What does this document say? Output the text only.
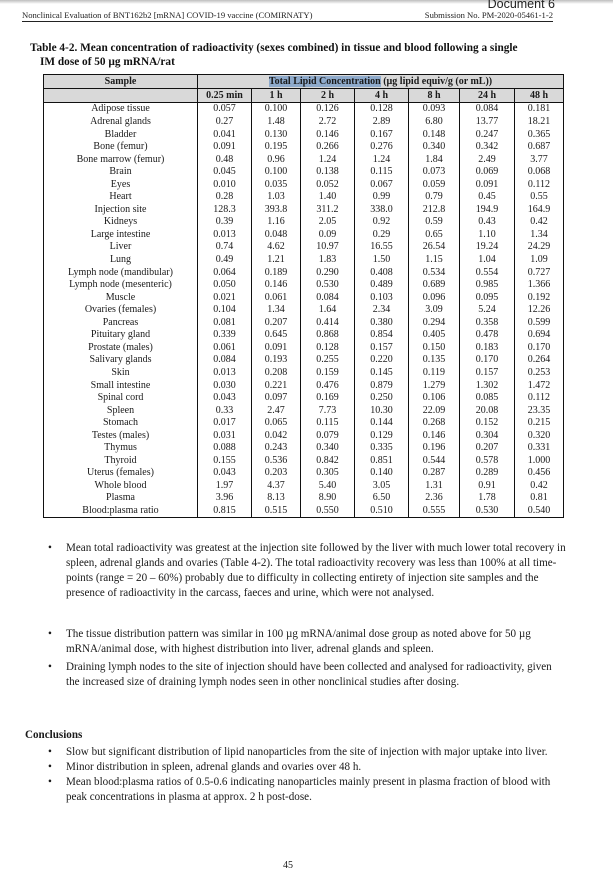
Document 6
Nonclinical Evaluation of BNT162b2 [mRNA] COVID-19 vaccine (COMIRNATY)	Submission No. PM-2020-05461-1-2
Table 4-2. Mean concentration of radioactivity (sexes combined) in tissue and blood following a single
IM dose of 50 µg mRNA/rat
Sample	Total Lipid Concentration (µg lipid equiv/g (or mL))						
	0.25 min	1 h	2 h	4 h	8 h	24 h	48 h
Adipose tissue	0.057	0.100	0.126	0.128	0.093	0.084	0.181
Adrenal glands	0.27	1.48	2.72	2.89	6.80	13.77	18.21
Bladder	0.041	0.130	0.146	0.167	0.148	0.247	0.365
Bone (femur)	0.091	0.195	0.266	0.276	0.340	0.342	0.687
Bone marrow (femur)	0.48	0.96	1.24	1.24	1.84	2.49	3.77
Brain	0.045	0.100	0.138	0.115	0.073	0.069	0.068
Eyes	0.010	0.035	0.052	0.067	0.059	0.091	0.112
Heart	0.28	1.03	1.40	0.99	0.79	0.45	0.55
Injection site	128.3	393.8	311.2	338.0	212.8	194.9	164.9
Kidneys	0.39	1.16	2.05	0.92	0.59	0.43	0.42
Large intestine	0.013	0.048	0.09	0.29	0.65	1.10	1.34
Liver	0.74	4.62	10.97	16.55	26.54	19.24	24.29
Lung	0.49	1.21	1.83	1.50	1.15	1.04	1.09
Lymph node (mandibular)	0.064	0.189	0.290	0.408	0.534	0.554	0.727
Lymph node (mesenteric)	0.050	0.146	0.530	0.489	0.689	0.985	1.366
Muscle	0.021	0.061	0.084	0.103	0.096	0.095	0.192
Ovaries (females)	0.104	1.34	1.64	2.34	3.09	5.24	12.26
Pancreas	0.081	0.207	0.414	0.380	0.294	0.358	0.599
Pituitary gland	0.339	0.645	0.868	0.854	0.405	0.478	0.694
Prostate (males)	0.061	0.091	0.128	0.157	0.150	0.183	0.170
Salivary glands	0.084	0.193	0.255	0.220	0.135	0.170	0.264
Skin	0.013	0.208	0.159	0.145	0.119	0.157	0.253
Small intestine	0.030	0.221	0.476	0.879	1.279	1.302	1.472
Spinal cord	0.043	0.097	0.169	0.250	0.106	0.085	0.112
Spleen	0.33	2.47	7.73	10.30	22.09	20.08	23.35
Stomach	0.017	0.065	0.115	0.144	0.268	0.152	0.215
Testes (males)	0.031	0.042	0.079	0.129	0.146	0.304	0.320
Thymus	0.088	0.243	0.340	0.335	0.196	0.207	0.331
Thyroid	0.155	0.536	0.842	0.851	0.544	0.578	1.000
Uterus (females)	0.043	0.203	0.305	0.140	0.287	0.289	0.456
Whole blood	1.97	4.37	5.40	3.05	1.31	0.91	0.42
Plasma	3.96	8.13	8.90	6.50	2.36	1.78	0.81
Blood:plasma ratio	0.815	0.515	0.550	0.510	0.555	0.530	0.540
• Mean total radioactivity was greatest at the injection site followed by the liver with much lower total recovery in spleen, adrenal glands and ovaries (Table 4-2). The total radioactivity recovery was less than 100% at all time-points (range = 20 – 60%) probably due to difficulty in collecting entirety of injection site samples and the presence of radioactivity in the carcass, faeces and urine, which were not analysed.
• The tissue distribution pattern was similar in 100 µg mRNA/animal dose group as noted above for 50 µg mRNA/animal dose, with highest distribution into liver, adrenal glands and spleen.
• Draining lymph nodes to the site of injection should have been collected and analysed for radioactivity, given the increased size of draining lymph nodes seen in other nonclinical studies after dosing.
Conclusions
• Slow but significant distribution of lipid nanoparticles from the site of injection with major uptake into liver.
• Minor distribution in spleen, adrenal glands and ovaries over 48 h.
• Mean blood:plasma ratios of 0.5-0.6 indicating nanoparticles mainly present in plasma fraction of blood with peak concentrations in plasma at approx. 2 h post-dose.
45
